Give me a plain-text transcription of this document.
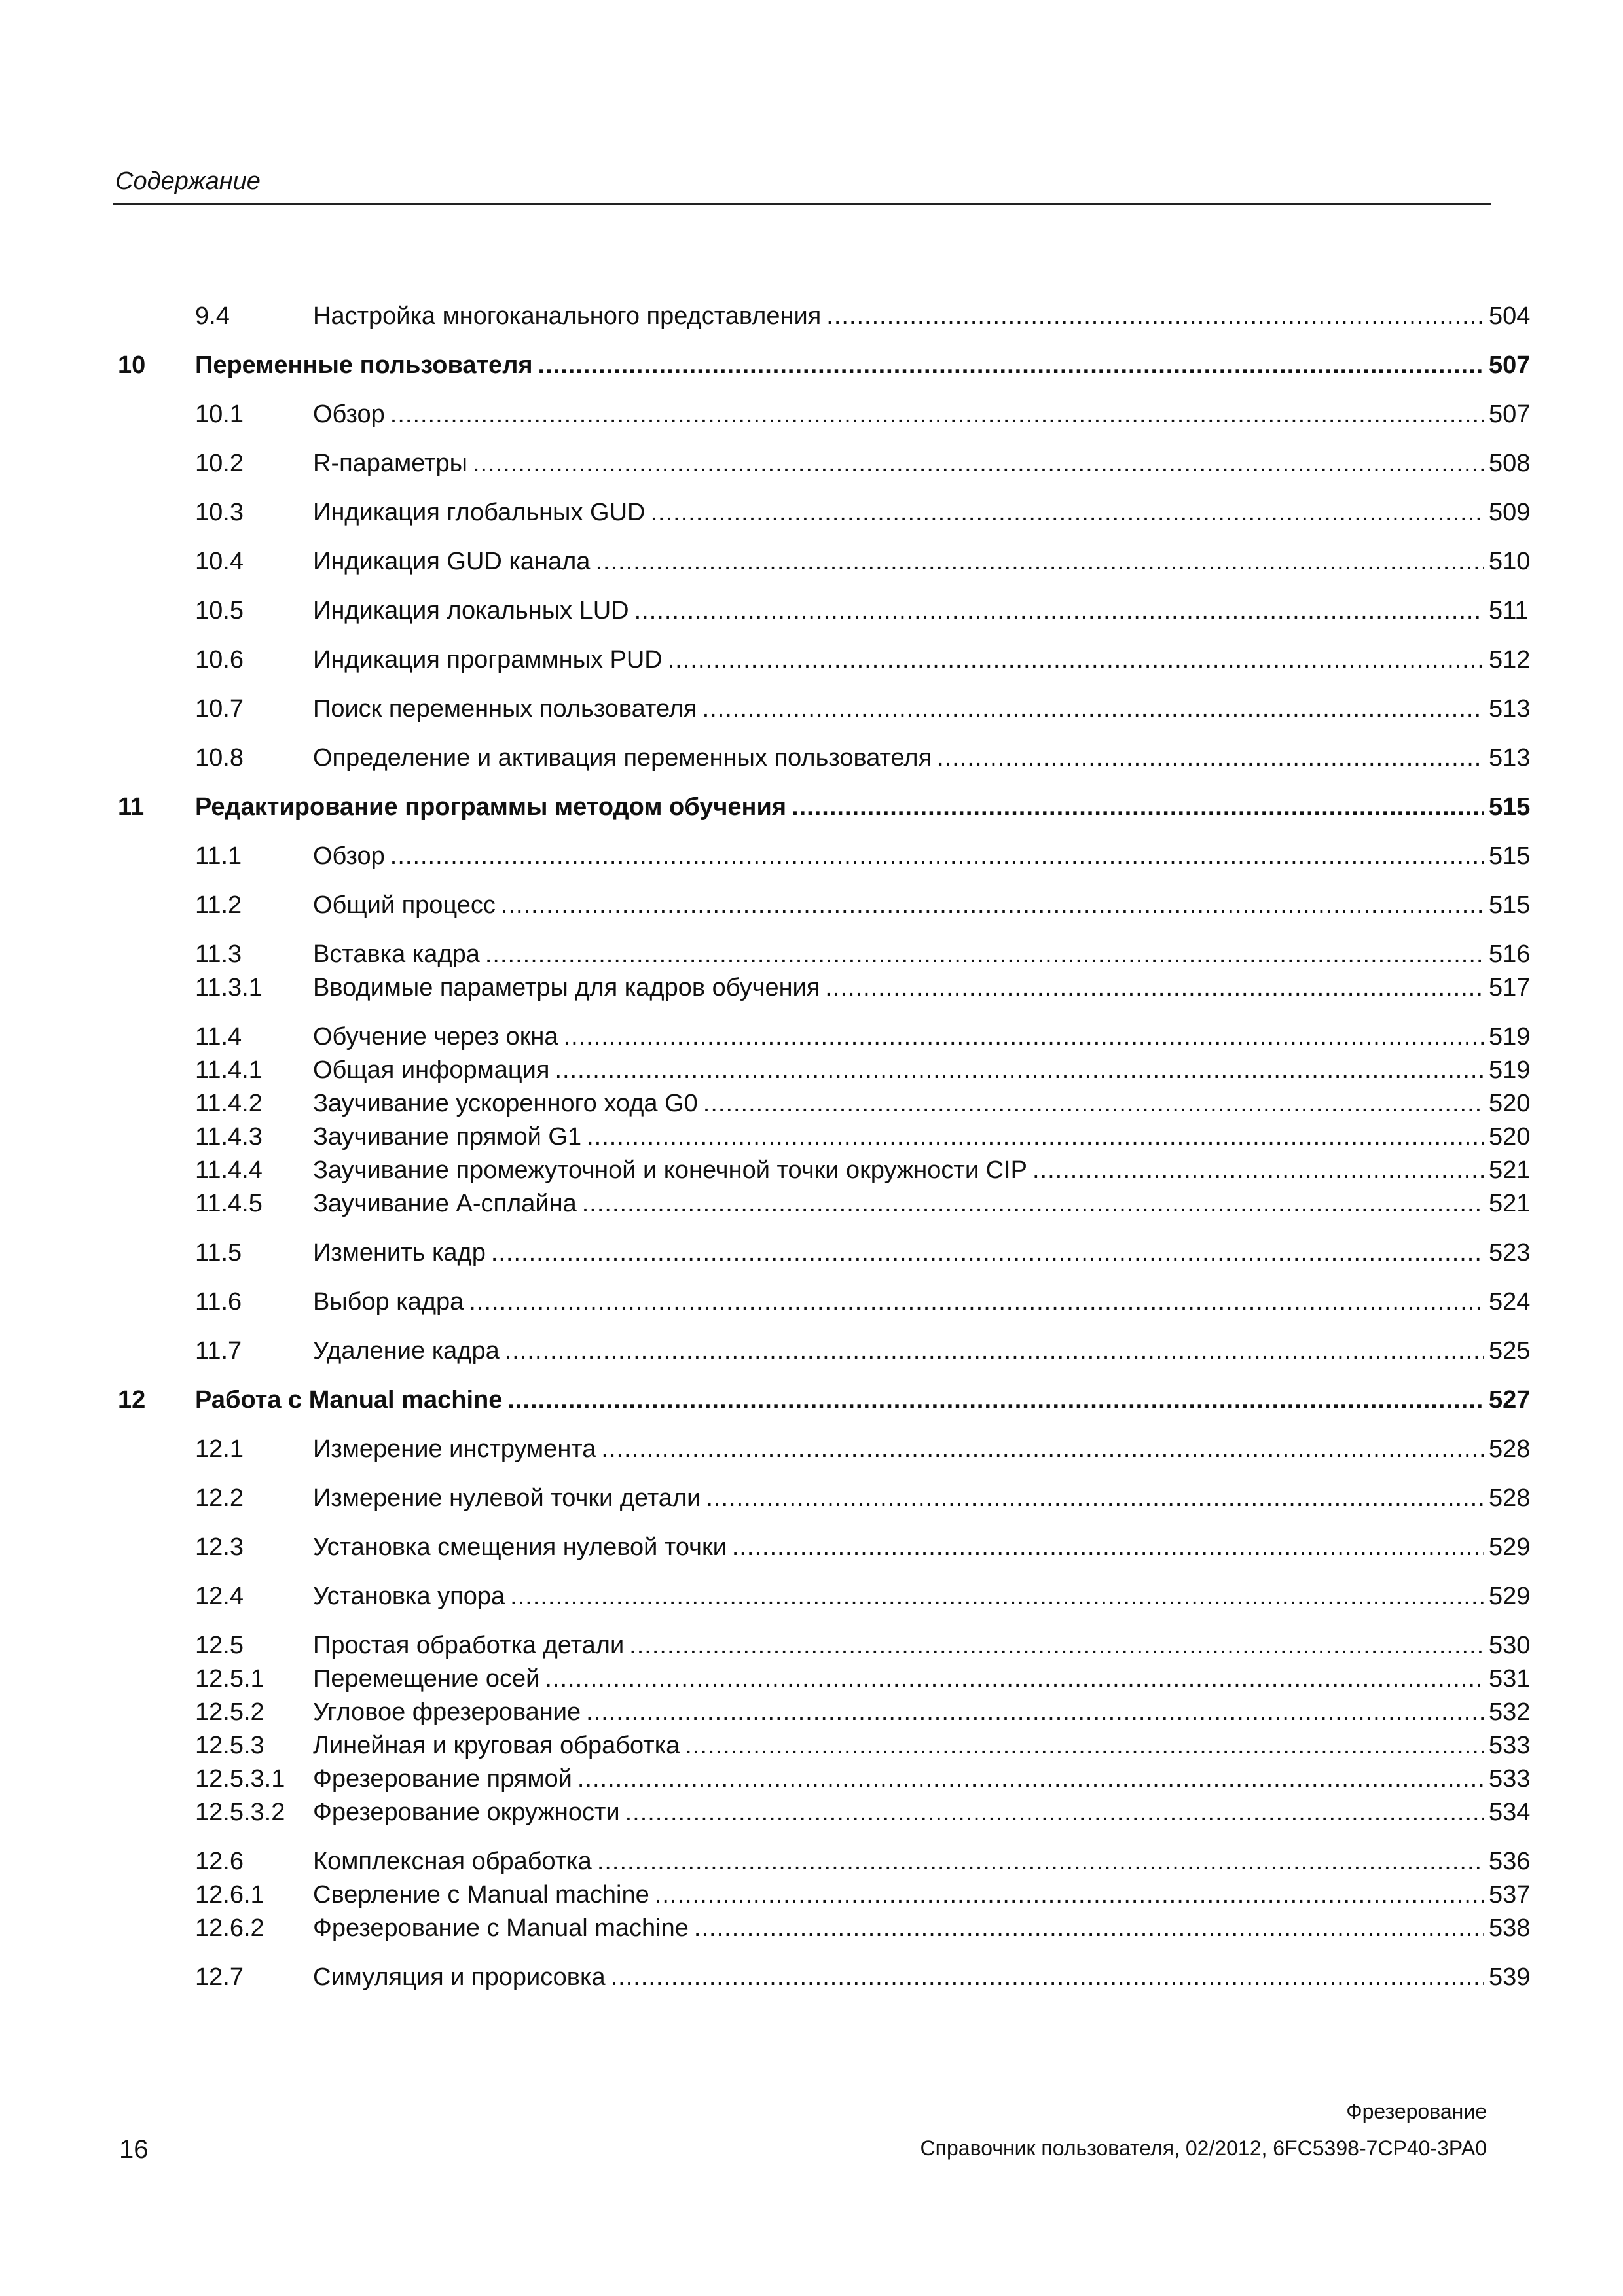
Содержание
9.4	Настройка многоканального представления .....	504
10 Переменные пользователя .....	507
10.1	Обзор .....	507
10.2	R-параметры .....	508
10.3	Индикация глобальных GUD .....	509
10.4	Индикация GUD канала .....	510
10.5	Индикация локальных LUD .....	511
10.6	Индикация программных PUD .....	512
10.7	Поиск переменных пользователя .....	513
10.8	Определение и активация переменных пользователя .....	513
11 Редактирование программы методом обучения .....	515
11.1	Обзор .....	515
11.2	Общий процесс .....	515
11.3	Вставка кадра .....	516
11.3.1 Вводимые параметры для кадров обучения .....	517
11.4	Обучение через окна .....	519
11.4.1 Общая информация .....	519
11.4.2 Заучивание ускоренного хода G0 .....	520
11.4.3 Заучивание прямой G1 .....	520
11.4.4 Заучивание промежуточной и конечной точки окружности CIP .....	521
11.4.5 Заучивание A-сплайна .....	521
11.5	Изменить кадр .....	523
11.6	Выбор кадра .....	524
11.7	Удаление кадра .....	525
12 Работа с Manual machine .....	527
12.1	Измерение инструмента .....	528
12.2	Измерение нулевой точки детали .....	528
12.3	Установка смещения нулевой точки .....	529
12.4	Установка упора .....	529
12.5	Простая обработка детали .....	530
12.5.1 Перемещение осей .....	531
12.5.2 Угловое фрезерование .....	532
12.5.3 Линейная и круговая обработка .....	533
12.5.3.1 Фрезерование прямой .....	533
12.5.3.2 Фрезерование окружности .....	534
12.6	Комплексная обработка .....	536
12.6.1 Сверление с Manual machine .....	537
12.6.2 Фрезерование с Manual machine .....	538
12.7	Симуляция и прорисовка .....	539
Фрезерование
16	Справочник пользователя, 02/2012, 6FC5398-7CP40-3PA0
